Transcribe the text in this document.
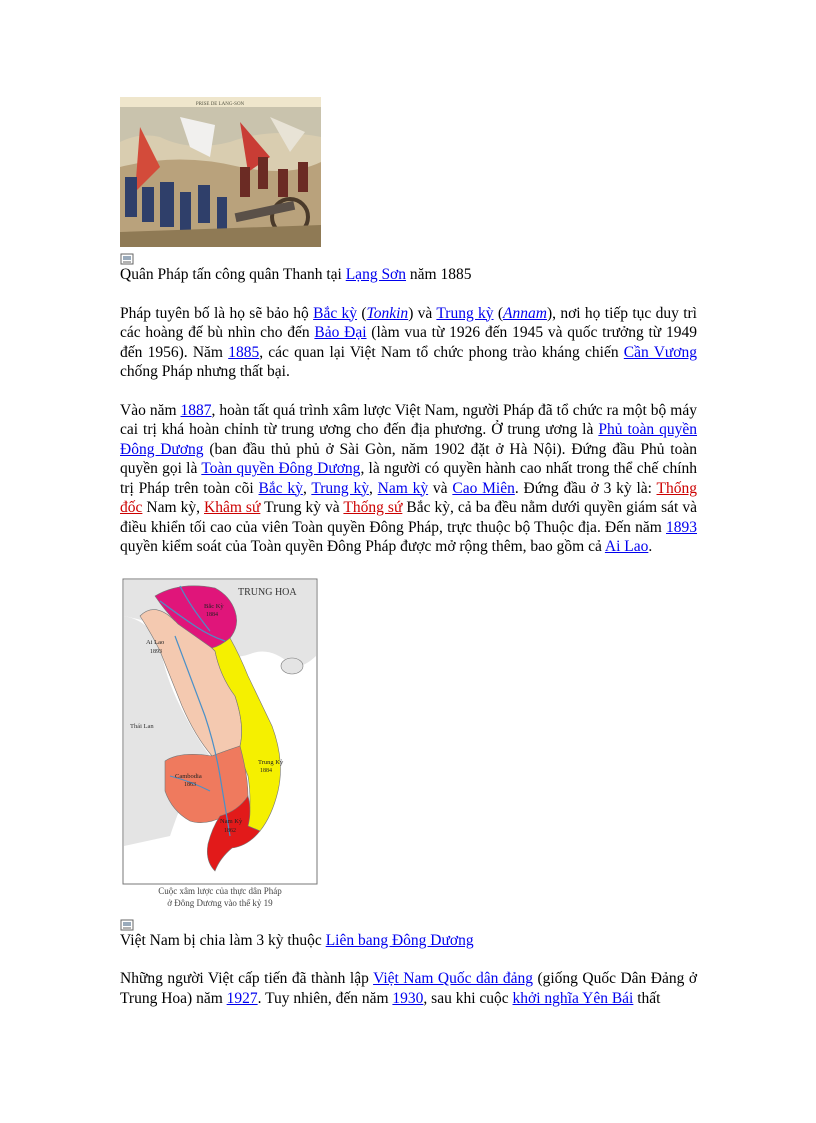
PRISE DE LANG-SON

Quân Pháp tấn công quân Thanh tại Lạng Sơn năm 1885

Pháp tuyên bố là họ sẽ bảo hộ Bắc kỳ (Tonkin) và Trung kỳ (Annam), nơi họ tiếp tục duy trì các hoàng đế bù nhìn cho đến Bảo Đại (làm vua từ 1926 đến 1945 và quốc trưởng từ 1949 đến 1956). Năm 1885, các quan lại Việt Nam tổ chức phong trào kháng chiến Cần Vương chống Pháp nhưng thất bại.

Vào năm 1887, hoàn tất quá trình xâm lược Việt Nam, người Pháp đã tổ chức ra một bộ máy cai trị khá hoàn chỉnh từ trung ương cho đến địa phương. Ở trung ương là Phủ toàn quyền Đông Dương (ban đầu thủ phủ ở Sài Gòn, năm 1902 đặt ở Hà Nội). Đứng đầu Phủ toàn quyền gọi là Toàn quyền Đông Dương, là người có quyền hành cao nhất trong thể chế chính trị Pháp trên toàn cõi Bắc kỳ, Trung kỳ, Nam kỳ và Cao Miên. Đứng đầu ở 3 kỳ là: Thống đốc Nam kỳ, Khâm sứ Trung kỳ và Thống sứ Bắc kỳ, cả ba đều nằm dưới quyền giám sát và điều khiển tối cao của viên Toàn quyền Đông Pháp, trực thuộc bộ Thuộc địa. Đến năm 1893 quyền kiểm soát của Toàn quyền Đông Pháp được mở rộng thêm, bao gồm cả Ai Lao.

TRUNG HOA
Bắc Kỳ
1884
Ai Lao
1893
Thái Lan
Trung Kỳ
1884
Cambodia
1863
Nam Kỳ
1862
Cuộc xâm lược của thực dân Pháp
ở Đông Dương vào thế kỷ 19

Việt Nam bị chia làm 3 kỳ thuộc Liên bang Đông Dương

Những người Việt cấp tiến đã thành lập Việt Nam Quốc dân đảng (giống Quốc Dân Đảng ở Trung Hoa) năm 1927. Tuy nhiên, đến năm 1930, sau khi cuộc khởi nghĩa Yên Bái thất
